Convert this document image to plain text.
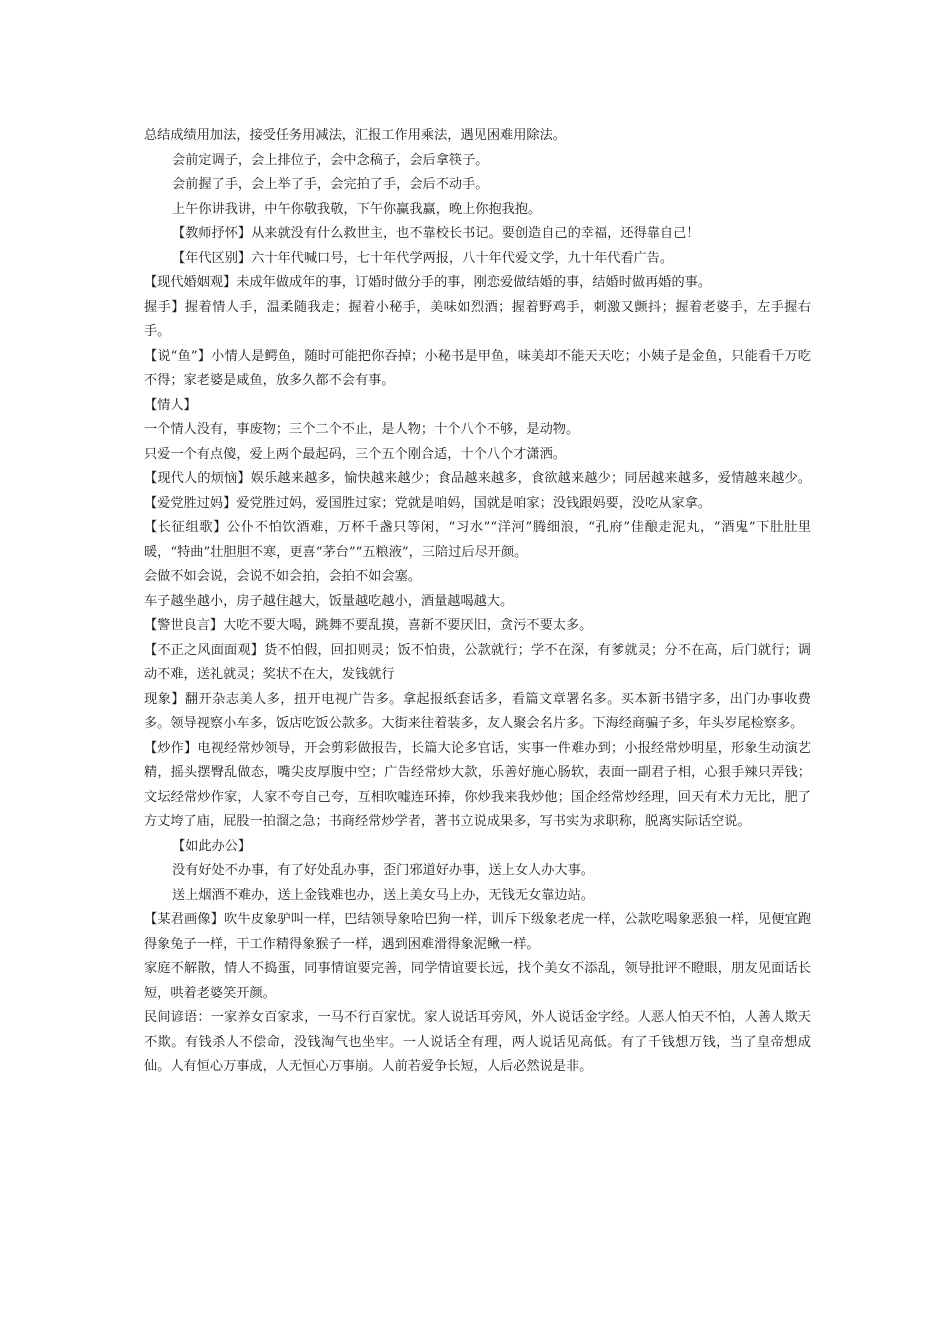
总结成绩用加法，接受任务用减法，汇报工作用乘法，遇见困难用除法。

会前定调子，会上排位子，会中念稿子，会后拿筷子。

会前握了手，会上举了手，会完拍了手，会后不动手。

上午你讲我讲，中午你敬我敬，下午你赢我赢，晚上你抱我抱。

【教师抒怀】从来就没有什么救世主，也不靠校长书记。要创造自己的幸福，还得靠自己！

【年代区别】六十年代喊口号，七十年代学两报，八十年代爱文学，九十年代看广告。

【现代婚姻观】未成年做成年的事，订婚时做分手的事，刚恋爱做结婚的事，结婚时做再婚的事。

握手】握着情人手，温柔随我走；握着小秘手，美味如烈酒；握着野鸡手，刺激又颤抖；握着老婆手，左手握右手。

【说“鱼”】小情人是鳄鱼，随时可能把你吞掉；小秘书是甲鱼，味美却不能天天吃；小姨子是金鱼，只能看千万吃不得；家老婆是咸鱼，放多久都不会有事。

【情人】

一个情人没有，事废物；三个二个不止，是人物；十个八个不够，是动物。

只爱一个有点傻，爱上两个最起码，三个五个刚合适，十个八个才潇洒。

【现代人的烦恼】娱乐越来越多，愉快越来越少；食品越来越多，食欲越来越少；同居越来越多，爱情越来越少。【爱党胜过妈】爱党胜过妈，爱国胜过家；党就是咱妈，国就是咱家；没钱跟妈要，没吃从家拿。

【长征组歌】公仆不怕饮酒难，万杯千盏只等闲，“习水”“洋河”腾细浪，“孔府”佳酿走泥丸，“酒鬼”下肚肚里暖，“特曲”壮胆胆不寒，更喜“茅台”“五粮液”，三陪过后尽开颜。

会做不如会说，会说不如会拍，会拍不如会塞。

车子越坐越小，房子越住越大，饭量越吃越小，酒量越喝越大。

【警世良言】大吃不要大喝，跳舞不要乱摸，喜新不要厌旧，贪污不要太多。

【不正之风面面观】货不怕假，回扣则灵；饭不怕贵，公款就行；学不在深，有爹就灵；分不在高，后门就行；调动不难，送礼就灵；奖状不在大，发钱就行

现象】翻开杂志美人多，扭开电视广告多。拿起报纸套话多，看篇文章署名多。买本新书错字多，出门办事收费多。领导视察小车多，饭店吃饭公款多。大街来往着装多，友人聚会名片多。下海经商骗子多，年头岁尾检察多。

【炒作】电视经常炒领导，开会剪彩做报告，长篇大论多官话，实事一件难办到；小报经常炒明星，形象生动演艺精，摇头摆臀乱做态，嘴尖皮厚腹中空；广告经常炒大款，乐善好施心肠软，表面一副君子相，心狠手辣只弄钱；文坛经常炒作家，人家不夸自己夸，互相吹嘘连环捧，你炒我来我炒他；国企经常炒经理，回天有术力无比，肥了方丈垮了庙，屁股一拍溜之急；书商经常炒学者，著书立说成果多，写书实为求职称，脱离实际话空说。

【如此办公】

没有好处不办事，有了好处乱办事，歪门邪道好办事，送上女人办大事。

送上烟酒不难办，送上金钱难也办，送上美女马上办，无钱无女靠边站。

【某君画像】吹牛皮象驴叫一样，巴结领导象哈巴狗一样，训斥下级象老虎一样，公款吃喝象恶狼一样，见便宜跑得象兔子一样，干工作精得象猴子一样，遇到困难滑得象泥鳅一样。

家庭不解散，情人不捣蛋，同事情谊要完善，同学情谊要长远，找个美女不添乱，领导批评不瞪眼，朋友见面话长短，哄着老婆笑开颜。

民间谚语：一家养女百家求，一马不行百家忧。家人说话耳旁风，外人说话金字经。人恶人怕天不怕，人善人欺天不欺。有钱杀人不偿命，没钱淘气也坐牢。一人说话全有理，两人说话见高低。有了千钱想万钱，当了皇帝想成仙。人有恒心万事成，人无恒心万事崩。人前若爱争长短，人后必然说是非。
